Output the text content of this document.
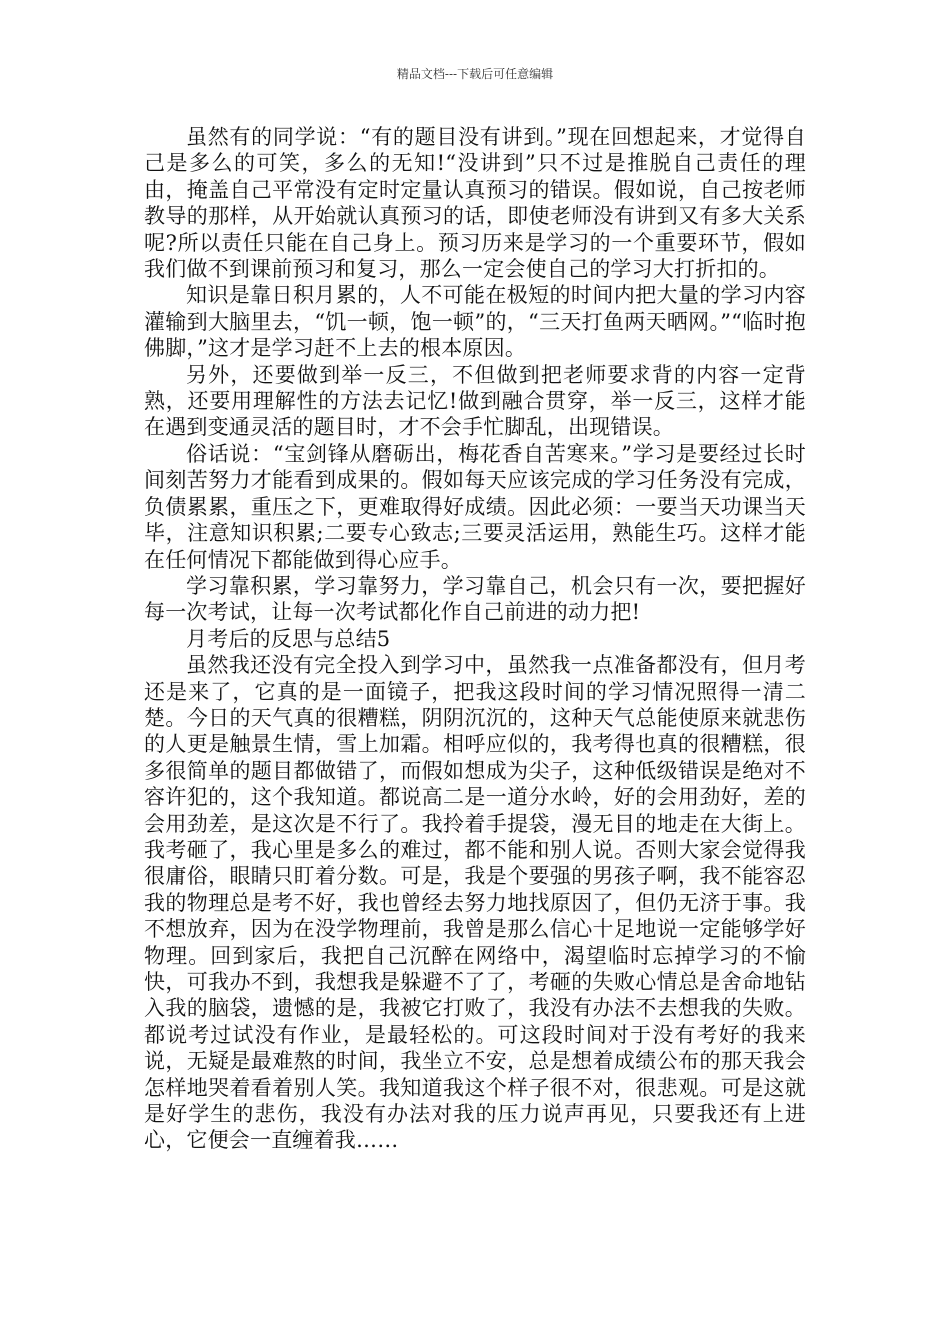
精品文档---下载后可任意编辑

虽然有的同学说：“有的题目没有讲到。”现在回想起来，才觉得自己是多么的可笑，多么的无知!“没讲到”只不过是推脱自己责任的理由，掩盖自己平常没有定时定量认真预习的错误。假如说，自己按老师教导的那样，从开始就认真预习的话，即使老师没有讲到又有多大关系呢?所以责任只能在自己身上。预习历来是学习的一个重要环节，假如我们做不到课前预习和复习，那么一定会使自己的学习大打折扣的。

知识是靠日积月累的，人不可能在极短的时间内把大量的学习内容灌输到大脑里去，“饥一顿，饱一顿”的，“三天打鱼两天晒网。”“临时抱佛脚，”这才是学习赶不上去的根本原因。

另外，还要做到举一反三，不但做到把老师要求背的内容一定背熟，还要用理解性的方法去记忆!做到融合贯穿，举一反三，这样才能在遇到变通灵活的题目时，才不会手忙脚乱，出现错误。

俗话说：“宝剑锋从磨砺出，梅花香自苦寒来。”学习是要经过长时间刻苦努力才能看到成果的。假如每天应该完成的学习任务没有完成，负债累累，重压之下，更难取得好成绩。因此必须：一要当天功课当天毕，注意知识积累;二要专心致志;三要灵活运用，熟能生巧。这样才能在任何情况下都能做到得心应手。

学习靠积累，学习靠努力，学习靠自己，机会只有一次，要把握好每一次考试，让每一次考试都化作自己前进的动力把!

月考后的反思与总结5

虽然我还没有完全投入到学习中，虽然我一点准备都没有，但月考还是来了，它真的是一面镜子，把我这段时间的学习情况照得一清二楚。今日的天气真的很糟糕，阴阴沉沉的，这种天气总能使原来就悲伤的人更是触景生情，雪上加霜。相呼应似的，我考得也真的很糟糕，很多很简单的题目都做错了，而假如想成为尖子，这种低级错误是绝对不容许犯的，这个我知道。都说高二是一道分水岭，好的会用劲好，差的会用劲差，是这次是不行了。我拎着手提袋，漫无目的地走在大街上。我考砸了，我心里是多么的难过，都不能和别人说。否则大家会觉得我很庸俗，眼睛只盯着分数。可是，我是个要强的男孩子啊，我不能容忍我的物理总是考不好，我也曾经去努力地找原因了，但仍无济于事。我不想放弃，因为在没学物理前，我曾是那么信心十足地说一定能够学好物理。回到家后，我把自己沉醉在网络中，渴望临时忘掉学习的不愉快，可我办不到，我想我是躲避不了了，考砸的失败心情总是舍命地钻入我的脑袋，遗憾的是，我被它打败了，我没有办法不去想我的失败。都说考过试没有作业，是最轻松的。可这段时间对于没有考好的我来说，无疑是最难熬的时间，我坐立不安，总是想着成绩公布的那天我会怎样地哭着看着别人笑。我知道我这个样子很不对，很悲观。可是这就是好学生的悲伤，我没有办法对我的压力说声再见，只要我还有上进心，它便会一直缠着我……
